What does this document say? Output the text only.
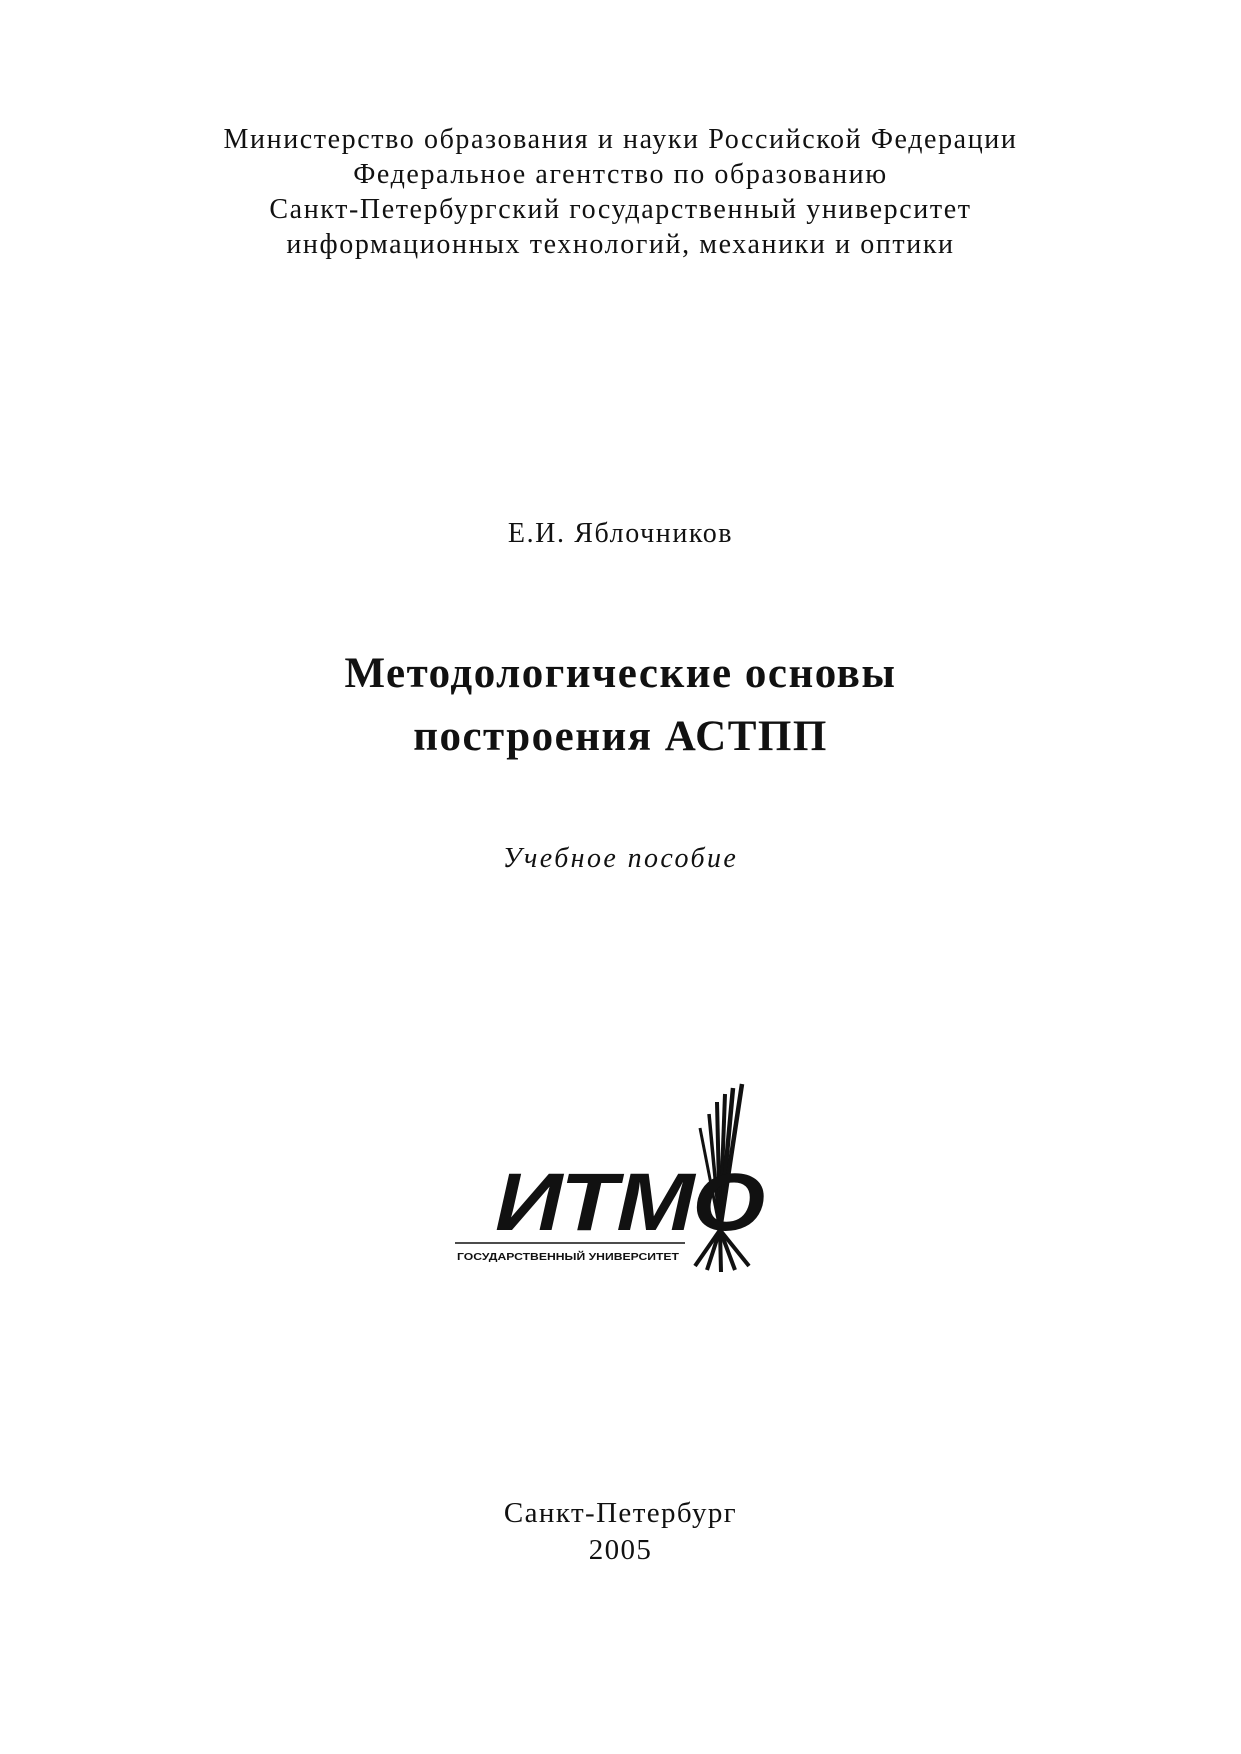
Министерство образования и науки Российской Федерации
Федеральное агентство по образованию
Санкт-Петербургский государственный университет
информационных технологий, механики и оптики
Е.И. Яблочников
Методологические основы
построения АСТПП
Учебное пособие
ИТМО
ГОСУДАРСТВЕННЫЙ УНИВЕРСИТЕТ
Санкт-Петербург
2005
